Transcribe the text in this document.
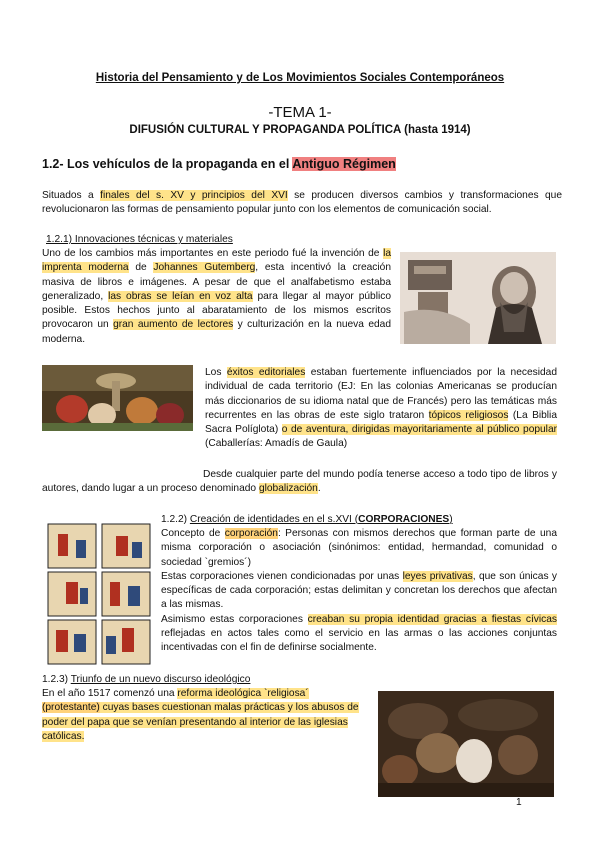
Historia del Pensamiento y de Los Movimientos Sociales Contemporáneos
-TEMA 1-
DIFUSIÓN CULTURAL Y PROPAGANDA POLÍTICA (hasta 1914)
1.2- Los vehículos de la propaganda en el Antiguo Régimen

Situados a finales del s. XV y principios del XVI se producen diversos cambios y transformaciones que revolucionaron las formas de pensamiento popular junto con los elementos de comunicación social.

1.2.1) Innovaciones técnicas y materiales

Uno de los cambios más importantes en este periodo fué la invención de la imprenta moderna de Johannes Gutemberg, esta incentivó la creación masiva de libros e imágenes. A pesar de que el analfabetismo estaba generalizado, las obras se leían en voz alta para llegar al mayor público posible. Estos hechos junto al abaratamiento de los mismos escritos provocaron un gran aumento de lectores y culturización en la nueva edad moderna.

Los éxitos editoriales estaban fuertemente influenciados por la necesidad individual de cada territorio (EJ: En las colonias Americanas se producían más diccionarios de su idioma natal que de Francés) pero las temáticas más recurrentes en las obras de este siglo trataron tópicos religiosos (La Biblia Sacra Políglota) o de aventura, dirigidas mayoritariamente al público popular (Caballerías: Amadís de Gaula)

Desde cualquier parte del mundo podía tenerse acceso a todo tipo de libros y autores, dando lugar a un proceso denominado globalización.

1.2.2) Creación de identidades en el s.XVI (CORPORACIONES)

Concepto de corporación: Personas con mismos derechos que forman parte de una misma corporación o asociación (sinónimos: entidad, hermandad, comunidad o sociedad `gremios´)

Estas corporaciones vienen condicionadas por unas leyes privativas, que son únicas y específicas de cada corporación; estas delimitan y concretan los derechos que afectan a las mismas.

Asimismo estas corporaciones creaban su propia identidad gracias a fiestas cívicas reflejadas en actos tales como el servicio en las armas o las acciones conjuntas incentivadas con el fin de definirse socialmente.

1.2.3) Triunfo de un nuevo discurso ideológico

En el año 1517 comenzó una reforma ideológica `religiosa´
(protestante) cuyas bases cuestionan malas prácticas y los abusos de poder del papa que se venían presentando al interior de las iglesias católicas.

1
